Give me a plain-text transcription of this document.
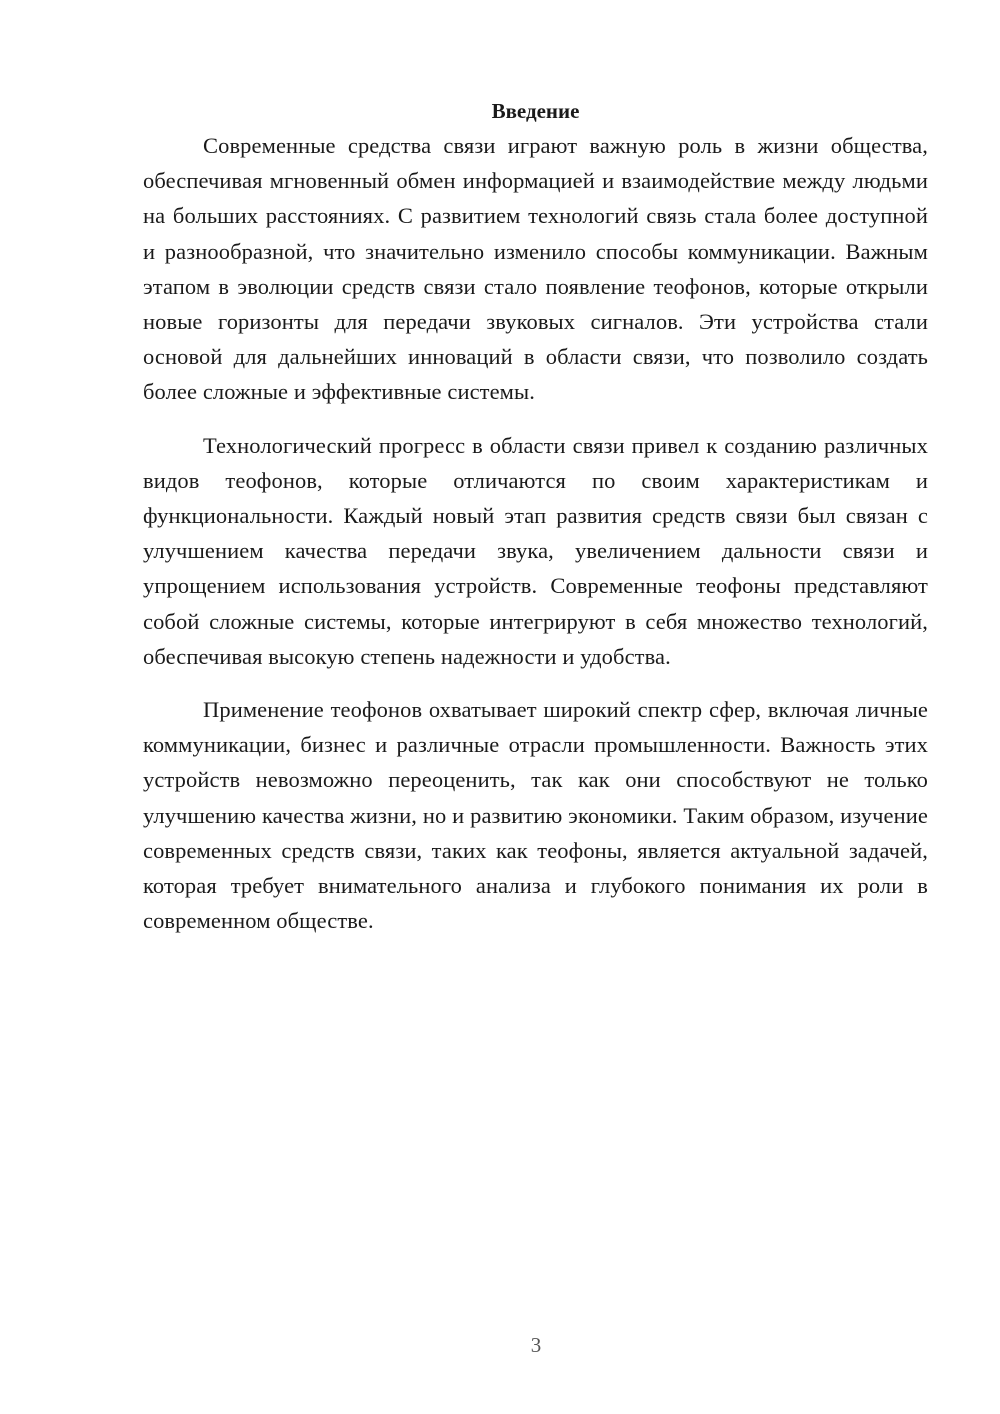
Введение

Современные средства связи играют важную роль в жизни общества, обеспечивая мгновенный обмен информацией и взаимодействие между людьми на больших расстояниях. С развитием технологий связь стала более доступной и разнообразной, что значительно изменило способы коммуникации. Важным этапом в эволюции средств связи стало появление теофонов, которые открыли новые горизонты для передачи звуковых сигналов. Эти устройства стали основой для дальнейших инноваций в области связи, что позволило создать более сложные и эффективные системы.

Технологический прогресс в области связи привел к созданию различных видов теофонов, которые отличаются по своим характеристикам и функциональности. Каждый новый этап развития средств связи был связан с улучшением качества передачи звука, увеличением дальности связи и упрощением использования устройств. Современные теофоны представляют собой сложные системы, которые интегрируют в себя множество технологий, обеспечивая высокую степень надежности и удобства.

Применение теофонов охватывает широкий спектр сфер, включая личные коммуникации, бизнес и различные отрасли промышленности. Важность этих устройств невозможно переоценить, так как они способствуют не только улучшению качества жизни, но и развитию экономики. Таким образом, изучение современных средств связи, таких как теофоны, является актуальной задачей, которая требует внимательного анализа и глубокого понимания их роли в современном обществе.

3
